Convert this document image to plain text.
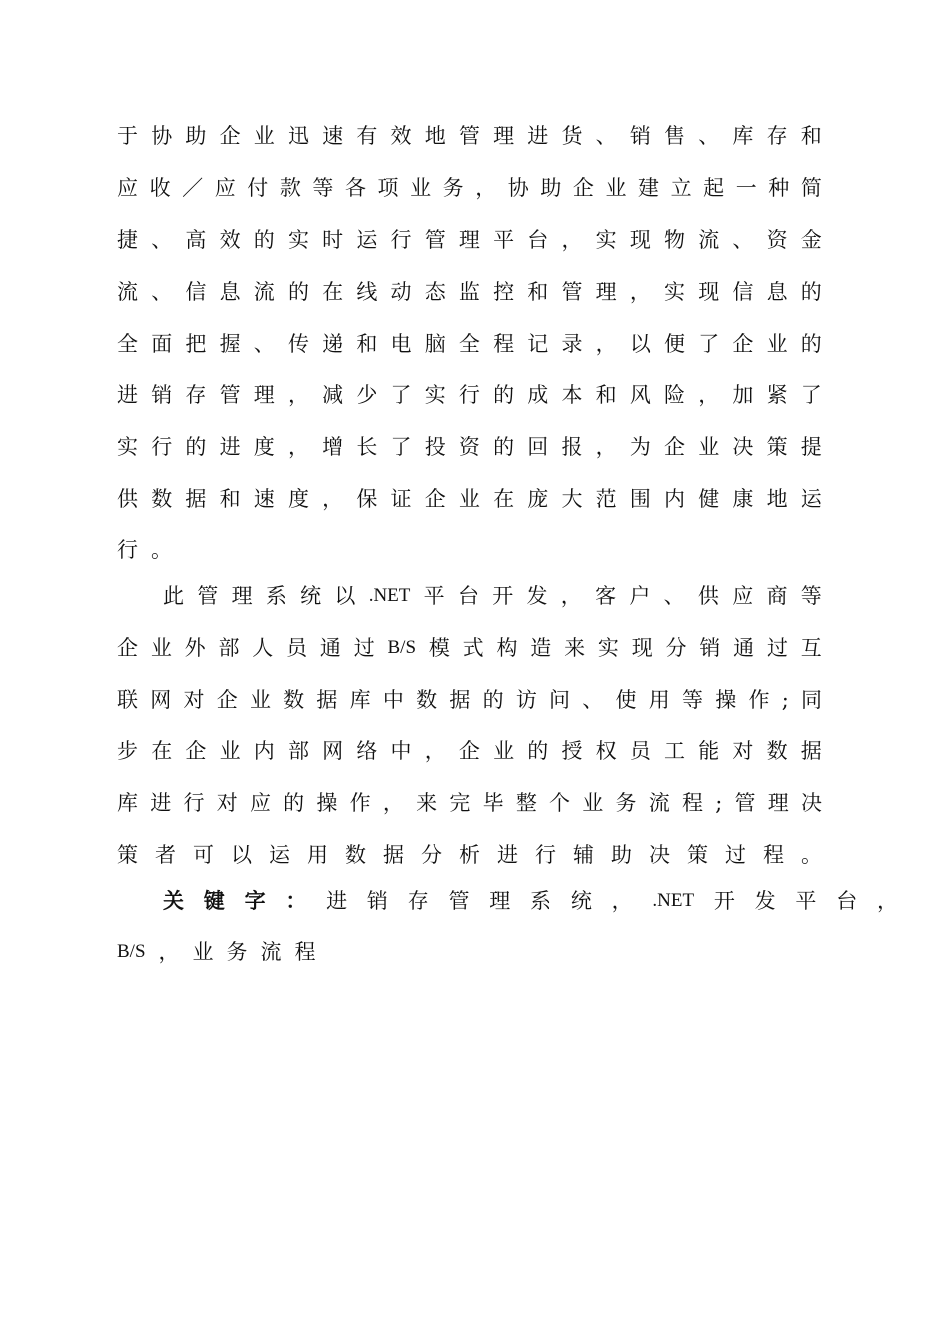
于 协 助 企 业 迅 速 有 效 地 管 理 进 货 、 销 售 、 库 存 和
应 收 ／ 应 付 款 等 各 项 业 务 ， 协 助 企 业 建 立 起 一 种 简
捷 、 高 效 的 实 时 运 行 管 理 平 台 ， 实 现 物 流 、 资 金
流 、 信 息 流 的 在 线 动 态 监 控 和 管 理 ， 实 现 信 息 的
全 面 把 握 、 传 递 和 电 脑 全 程 记 录 ， 以 便 了 企 业 的
进 销 存 管 理 ， 减 少 了 实 行 的 成 本 和 风 险 ， 加 紧 了
实 行 的 进 度 ， 增 长 了 投 资 的 回 报 ， 为 企 业 决 策 提
供 数 据 和 速 度 ， 保 证 企 业 在 庞 大 范 围 内 健 康 地 运
行 。
此 管 理 系 统 以 .NET 平 台 开 发 ， 客 户 、 供 应 商 等
企 业 外 部 人 员 通 过 B/S 模 式 构 造 来 实 现 分 销 通 过 互
联 网 对 企 业 数 据 库 中 数 据 的 访 问 、 使 用 等 操 作 ; 同
步 在 企 业 内 部 网 络 中 ， 企 业 的 授 权 员 工 能 对 数 据
库 进 行 对 应 的 操 作 ， 来 完 毕 整 个 业 务 流 程 ; 管 理 决
策 者 可 以 运 用 数 据 分 析 进 行 辅 助 决 策 过 程 。
关 键 字 ： 进 销 存 管 理 系 统 ， .NET 开 发 平 台 ，
B/S ， 业 务 流 程
